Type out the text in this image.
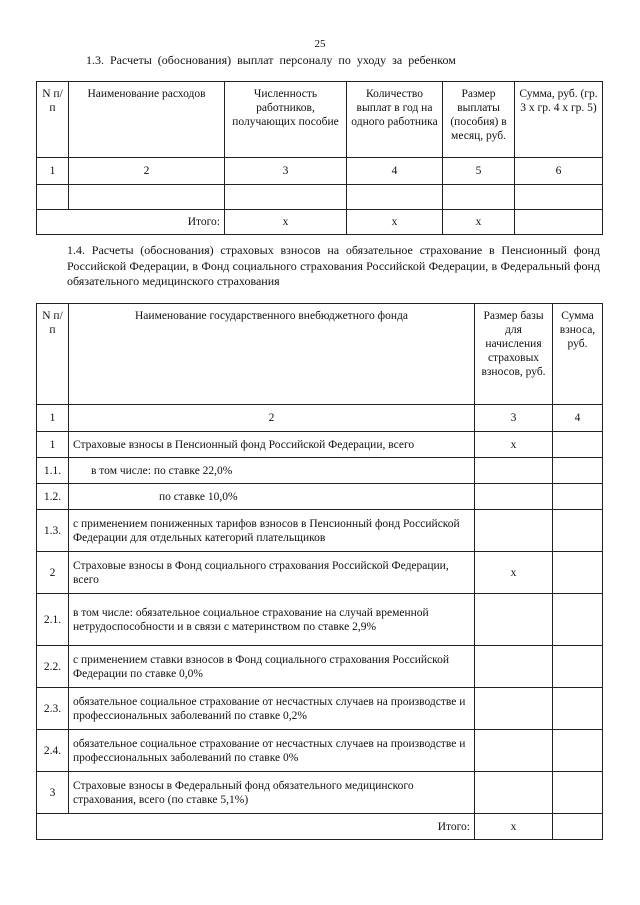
25
1.3. Расчеты (обоснования) выплат персоналу по уходу за ребенком
N п/п	Наименование расходов	Численность работников, получающих пособие	Количество выплат в год на одного работника	Размер выплаты (пособия) в месяц, руб.	Сумма, руб. (гр. 3 x гр. 4 x гр. 5)
1	2	3	4	5	6

Итого:		x	x	x	
1.4. Расчеты (обоснования) страховых взносов на обязательное страхование в Пенсионный фонд Российской Федерации, в Фонд социального страхования Российской Федерации, в Федеральный фонд обязательного медицинского страхования
N п/п	Наименование государственного внебюджетного фонда	Размер базы для начисления страховых взносов, руб.	Сумма взноса, руб.
1	2	3	4
1	Страховые взносы в Пенсионный фонд Российской Федерации, всего	x	
1.1.	в том числе: по ставке 22,0%		
1.2.	по ставке 10,0%		
1.3.	с применением пониженных тарифов взносов в Пенсионный фонд Российской Федерации для отдельных категорий плательщиков		
2	Страховые взносы в Фонд социального страхования Российской Федерации, всего	x	
2.1.	в том числе: обязательное социальное страхование на случай временной нетрудоспособности и в связи с материнством по ставке 2,9%		
2.2.	с применением ставки взносов в Фонд социального страхования Российской Федерации по ставке 0,0%		
2.3.	обязательное социальное страхование от несчастных случаев на производстве и профессиональных заболеваний по ставке 0,2%		
2.4.	обязательное социальное страхование от несчастных случаев на производстве и профессиональных заболеваний по ставке 0%		
3	Страховые взносы в Федеральный фонд обязательного медицинского страхования, всего (по ставке 5,1%)		
Итого:		x	
